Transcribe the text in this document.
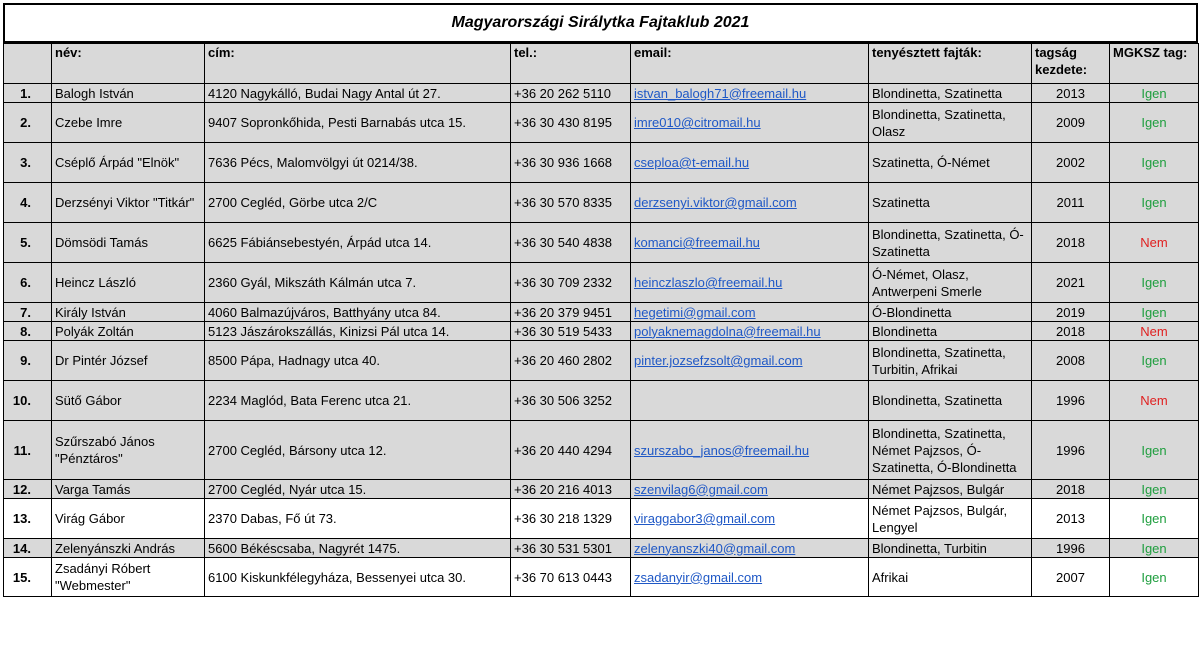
Magyarországi Sirálytka Fajtaklub 2021
	név:	cím:	tel.:	email:	tenyésztett fajták:	tagság kezdete:	MGKSZ tag:
1.	Balogh István	4120 Nagykálló, Budai Nagy Antal út 27.	+36 20 262 5110	istvan_balogh71@freemail.hu	Blondinetta, Szatinetta	2013	Igen
2.	Czebe Imre	9407 Sopronkőhida, Pesti Barnabás utca 15.	+36 30 430 8195	imre010@citromail.hu	Blondinetta, Szatinetta, Olasz	2009	Igen
3.	Cséplő Árpád "Elnök"	7636 Pécs, Malomvölgyi út 0214/38.	+36 30 936 1668	cseploa@t-email.hu	Szatinetta, Ó-Német	2002	Igen
4.	Derzsényi Viktor "Titkár"	2700 Cegléd, Görbe utca 2/C	+36 30 570 8335	derzsenyi.viktor@gmail.com	Szatinetta	2011	Igen
5.	Dömsödi Tamás	6625 Fábiánsebestyén, Árpád utca 14.	+36 30 540 4838	komanci@freemail.hu	Blondinetta, Szatinetta, Ó-Szatinetta	2018	Nem
6.	Heincz László	2360 Gyál, Mikszáth Kálmán utca 7.	+36 30 709 2332	heinczlaszlo@freemail.hu	Ó-Német, Olasz, Antwerpeni Smerle	2021	Igen
7.	Király István	4060 Balmazújváros, Batthyány utca 84.	+36 20 379 9451	hegetimi@gmail.com	Ó-Blondinetta	2019	Igen
8.	Polyák Zoltán	5123 Jászárokszállás, Kinizsi Pál utca 14.	+36 30 519 5433	polyaknemagdolna@freemail.hu	Blondinetta	2018	Nem
9.	Dr Pintér József	8500 Pápa, Hadnagy utca 40.	+36 20 460 2802	pinter.jozsefzsolt@gmail.com	Blondinetta, Szatinetta, Turbitin, Afrikai	2008	Igen
10.	Sütő Gábor	2234 Maglód, Bata Ferenc utca 21.	+36 30 506 3252		Blondinetta, Szatinetta	1996	Nem
11.	Szűrszabó János "Pénztáros"	2700 Cegléd, Bársony utca 12.	+36 20 440 4294	szurszabo_janos@freemail.hu	Blondinetta, Szatinetta, Német Pajzsos, Ó-Szatinetta, Ó-Blondinetta	1996	Igen
12.	Varga Tamás	2700 Cegléd, Nyár utca 15.	+36 20 216 4013	szenvilag6@gmail.com	Német Pajzsos, Bulgár	2018	Igen
13.	Virág Gábor	2370 Dabas, Fő út 73.	+36 30 218 1329	viraggabor3@gmail.com	Német Pajzsos, Bulgár, Lengyel	2013	Igen
14.	Zelenyánszki András	5600 Békéscsaba, Nagyrét 1475.	+36 30 531 5301	zelenyanszki40@gmail.com	Blondinetta, Turbitin	1996	Igen
15.	Zsadányi Róbert "Webmester"	6100 Kiskunkfélegyháza, Bessenyei utca 30.	+36 70 613 0443	zsadanyir@gmail.com	Afrikai	2007	Igen
